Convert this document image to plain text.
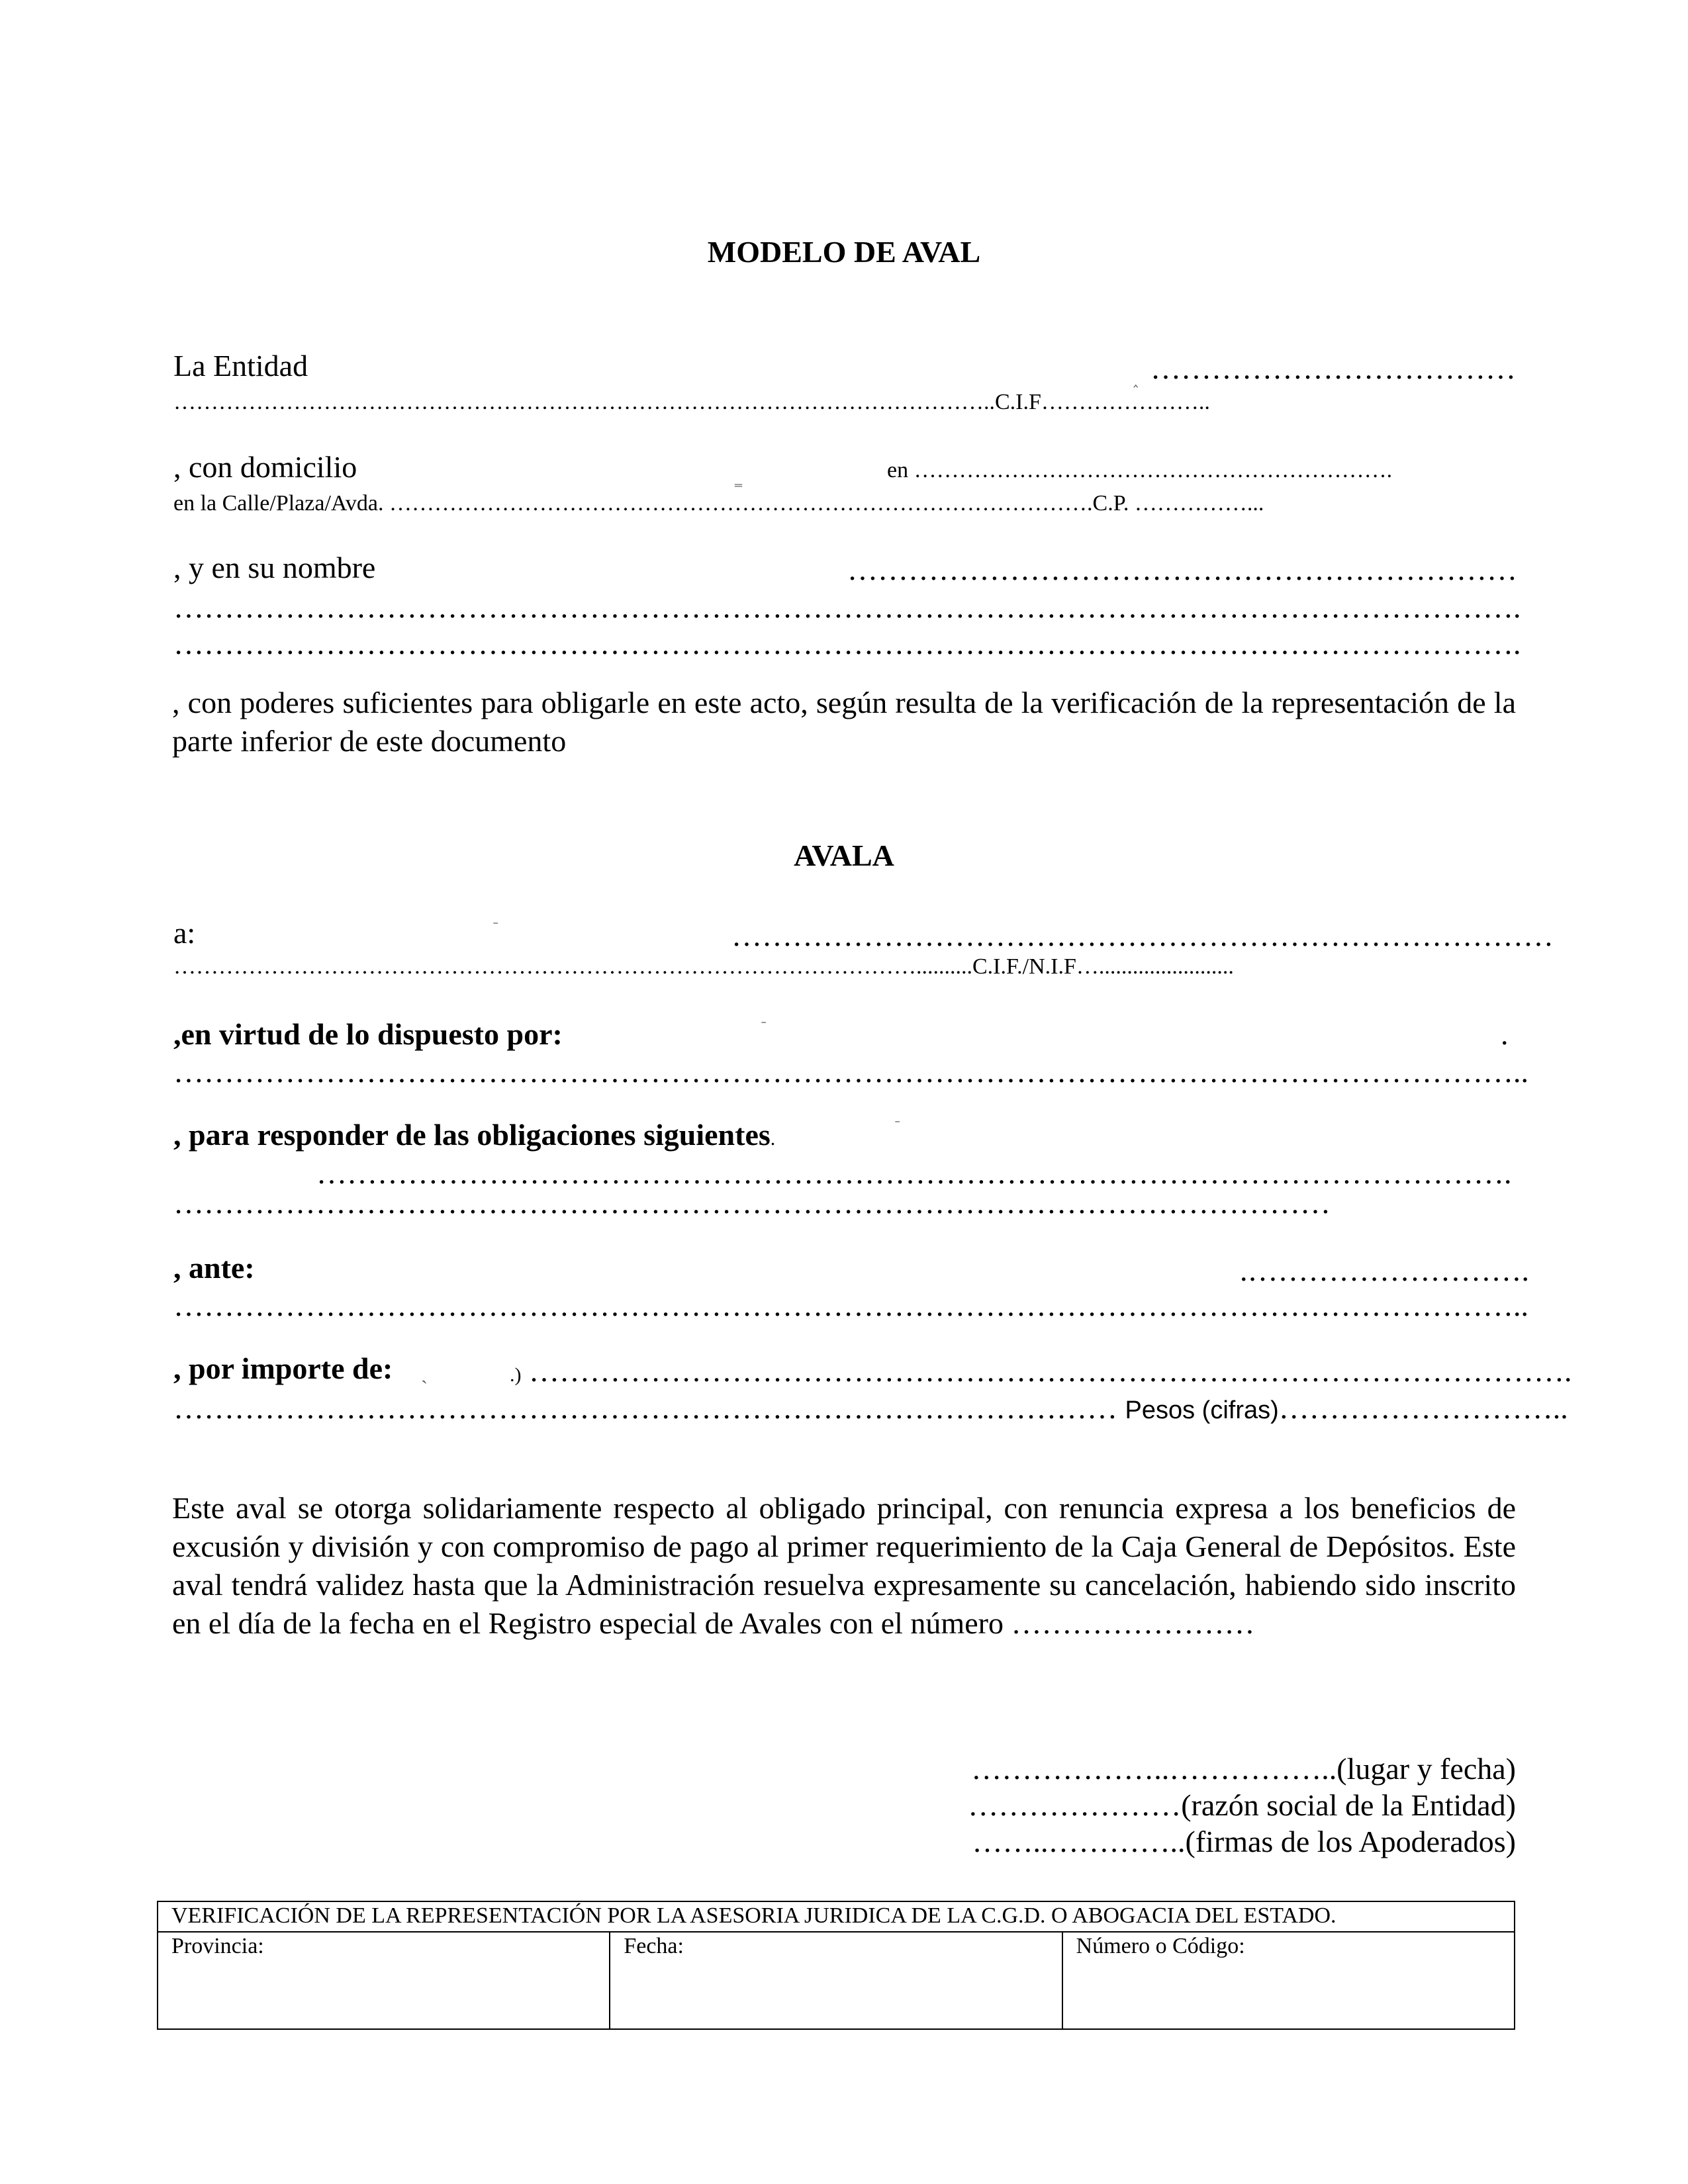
MODELO DE AVAL
La Entidad	‸ ………………………………
………………………………………………………………………………………………..C.I.F…………………..
, con domicilio	‗	en ……………………………………………………….
en la Calle/Plaza/Avda. ………………………………………………………………………………….C.P. ……………...
, y en su nombre	…………………………………………………………
…………………………………………………………………………………………………………………….
…………………………………………………………………………………………………………………….
, con poderes suficientes para obligarle en este acto, según resulta de la verificación de la representación de la parte inferior de este documento
AVALA
a:	ˉ	………………………………………………………………………
………………………………………………………………………………………..........C.I.F./N.I.F…........................
,en virtud de lo dispuesto por:	ˉ	.
……………………………………………………………………………………………………………………..
, para responder de las obligaciones siguientes.
ˉ
……………………………………………………………………………………………………….
……………………………………………………………………………………………………
, ante:	.……………………….
……………………………………………………………………………………………………………………..
, por importe de: ˎ	.) ………………………………………………………………………………………….
………………………………………………………………………………… Pesos (cifras)………………………..
Este aval se otorga solidariamente respecto al obligado principal, con renuncia expresa a los beneficios de excusión y división y con compromiso de pago al primer requerimiento de la Caja General de Depósitos. Este aval tendrá validez hasta que la Administración resuelva expresamente su cancelación, habiendo sido inscrito en el día de la fecha en el Registro especial de Avales con el número ……………………
………………..……………..(lugar y fecha)
…………………(razón social de la Entidad)
……..…………..(firmas de los Apoderados)
VERIFICACIÓN DE LA REPRESENTACIÓN POR LA ASESORIA JURIDICA DE LA C.G.D. O ABOGACIA DEL ESTADO.
Provincia:	Fecha:	Número o Código:
